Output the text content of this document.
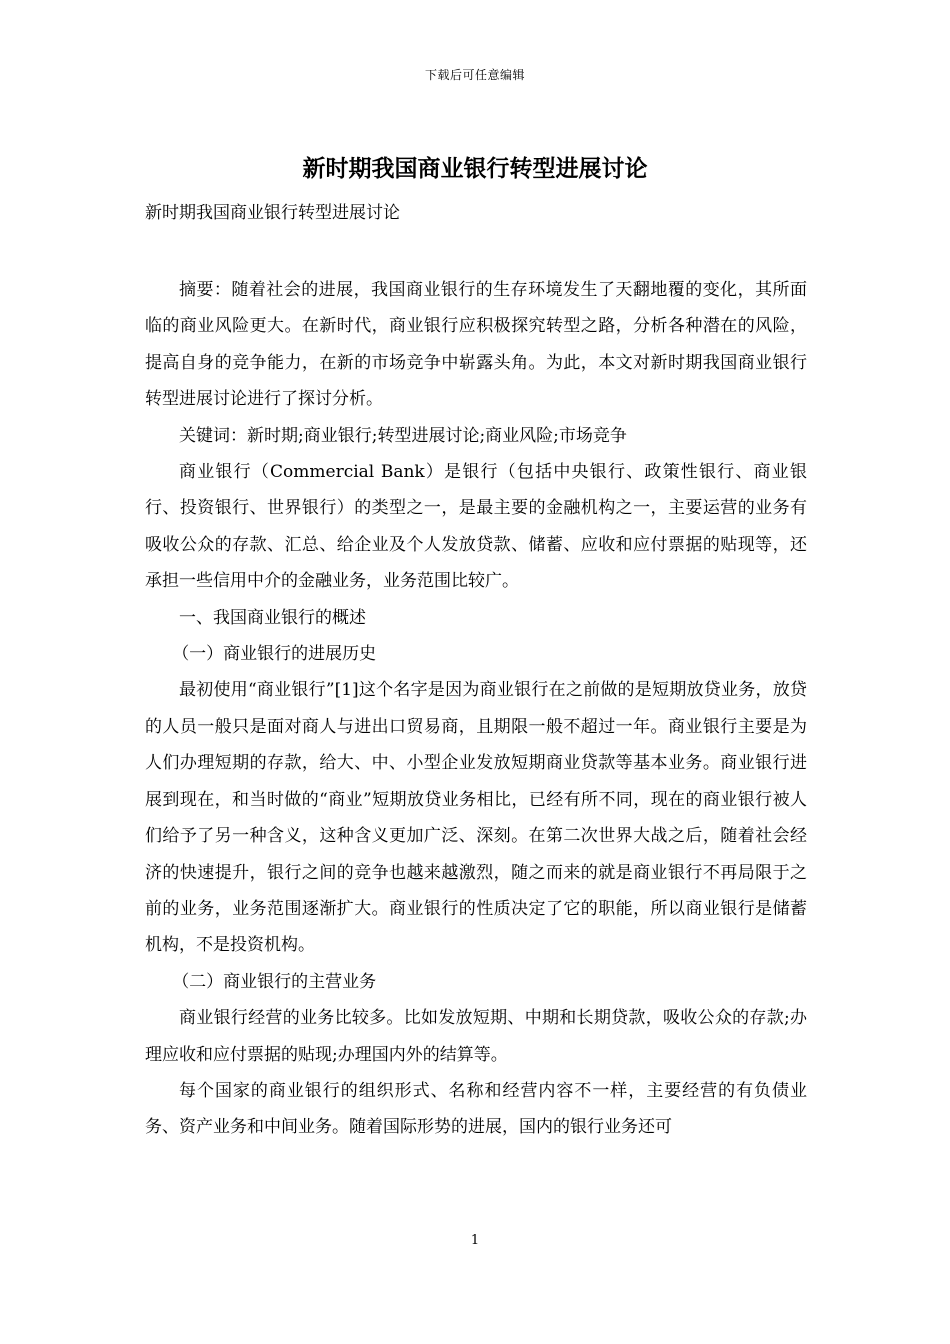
下载后可任意编辑
新时期我国商业银行转型进展讨论

新时期我国商业银行转型进展讨论

摘要：随着社会的进展，我国商业银行的生存环境发生了天翻地覆的变化，其所面临的商业风险更大。在新时代，商业银行应积极探究转型之路，分析各种潜在的风险，提高自身的竞争能力，在新的市场竞争中崭露头角。为此，本文对新时期我国商业银行转型进展讨论进行了探讨分析。

关键词：新时期;商业银行;转型进展讨论;商业风险;市场竞争

商业银行（Commercial Bank）是银行（包括中央银行、政策性银行、商业银行、投资银行、世界银行）的类型之一，是最主要的金融机构之一，主要运营的业务有吸收公众的存款、汇总、给企业及个人发放贷款、储蓄、应收和应付票据的贴现等，还承担一些信用中介的金融业务，业务范围比较广。

一、我国商业银行的概述

（一）商业银行的进展历史

最初使用“商业银行”[1]这个名字是因为商业银行在之前做的是短期放贷业务，放贷的人员一般只是面对商人与进出口贸易商，且期限一般不超过一年。商业银行主要是为人们办理短期的存款，给大、中、小型企业发放短期商业贷款等基本业务。商业银行进展到现在，和当时做的“商业”短期放贷业务相比，已经有所不同，现在的商业银行被人们给予了另一种含义，这种含义更加广泛、深刻。在第二次世界大战之后，随着社会经济的快速提升，银行之间的竞争也越来越激烈，随之而来的就是商业银行不再局限于之前的业务，业务范围逐渐扩大。商业银行的性质决定了它的职能，所以商业银行是储蓄机构，不是投资机构。

（二）商业银行的主营业务

商业银行经营的业务比较多。比如发放短期、中期和长期贷款，吸收公众的存款;办理应收和应付票据的贴现;办理国内外的结算等。

每个国家的商业银行的组织形式、名称和经营内容不一样，主要经营的有负债业务、资产业务和中间业务。随着国际形势的进展，国内的银行业务还可

1
